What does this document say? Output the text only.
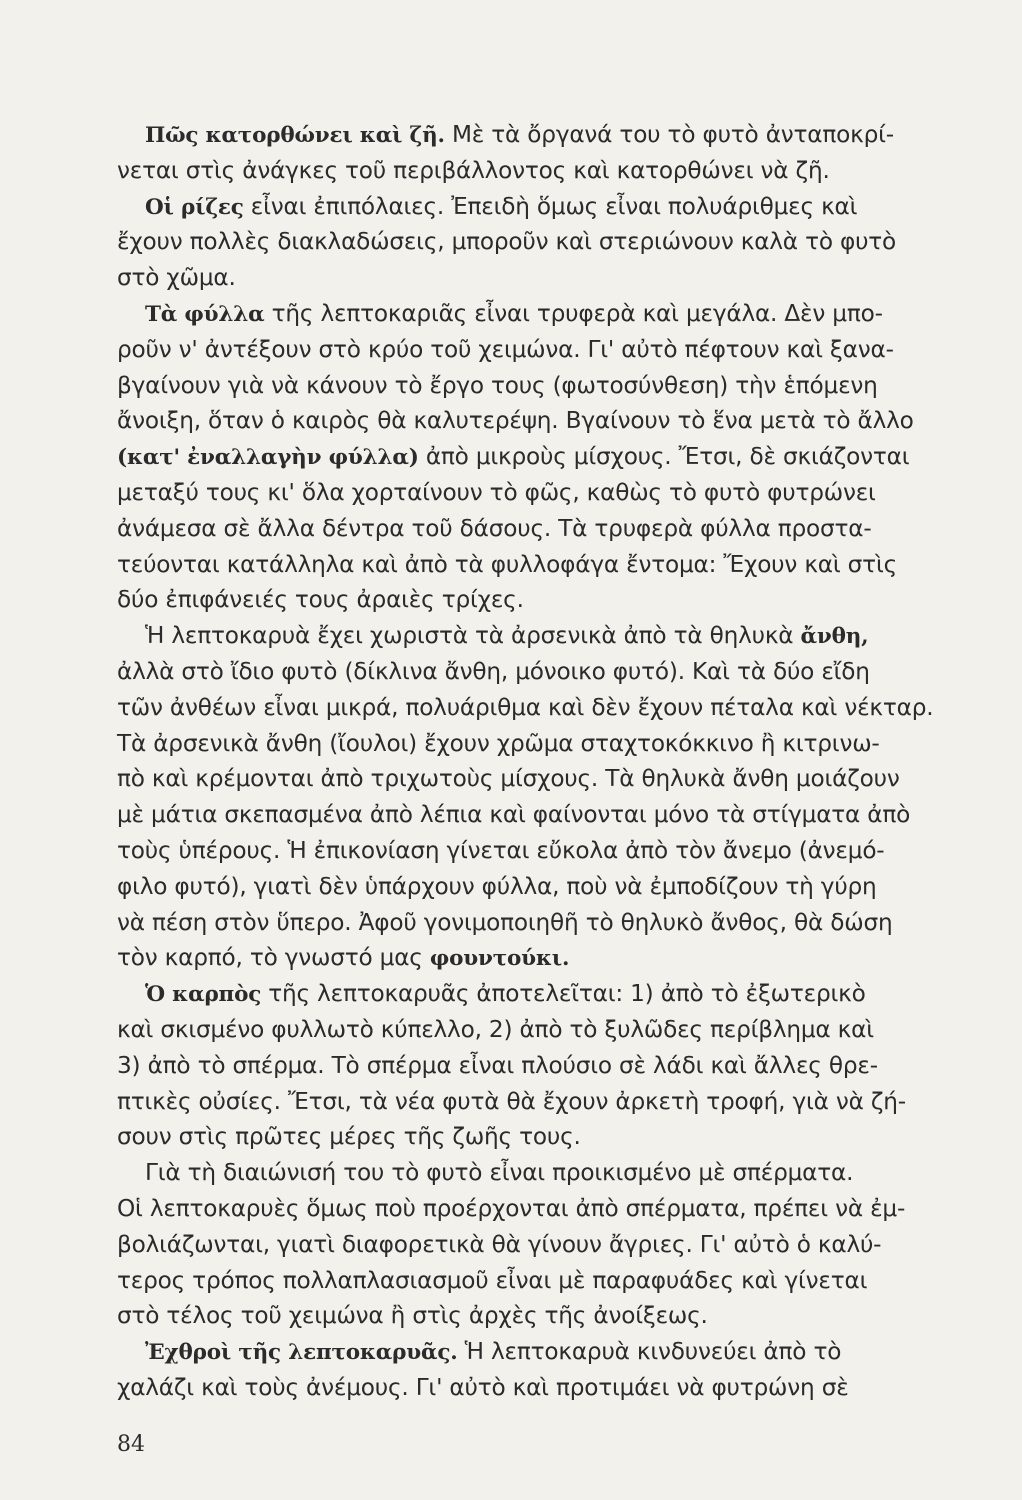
Πῶς κατορθώνει καὶ ζῆ. Μὲ τὰ ὄργανά του τὸ φυτὸ ἀνταποκρί-
νεται στὶς ἀνάγκες τοῦ περιβάλλοντος καὶ κατορθώνει νὰ ζῆ.
Οἱ ρίζες εἶναι ἐπιπόλαιες. Ἐπειδὴ ὅμως εἶναι πολυάριθμες καὶ
ἔχουν πολλὲς διακλαδώσεις, μποροῦν καὶ στεριώνουν καλὰ τὸ φυτὸ
στὸ χῶμα.
Τὰ φύλλα τῆς λεπτοκαριᾶς εἶναι τρυφερὰ καὶ μεγάλα. Δὲν μπο-
ροῦν ν' ἀντέξουν στὸ κρύο τοῦ χειμώνα. Γι' αὐτὸ πέφτουν καὶ ξανα-
βγαίνουν γιὰ νὰ κάνουν τὸ ἔργο τους (φωτοσύνθεση) τὴν ἑπόμενη
ἄνοιξη, ὅταν ὁ καιρὸς θὰ καλυτερέψη. Βγαίνουν τὸ ἕνα μετὰ τὸ ἄλλο
(κατ' ἐναλλαγὴν φύλλα) ἀπὸ μικροὺς μίσχους. Ἔτσι, δὲ σκιάζονται
μεταξύ τους κι' ὅλα χορταίνουν τὸ φῶς, καθὼς τὸ φυτὸ φυτρώνει
ἀνάμεσα σὲ ἄλλα δέντρα τοῦ δάσους. Τὰ τρυφερὰ φύλλα προστα-
τεύονται κατάλληλα καὶ ἀπὸ τὰ φυλλοφάγα ἔντομα: Ἔχουν καὶ στὶς
δύο ἐπιφάνειές τους ἀραιὲς τρίχες.
Ἡ λεπτοκαρυὰ ἔχει χωριστὰ τὰ ἀρσενικὰ ἀπὸ τὰ θηλυκὰ ἄνθη,
ἀλλὰ στὸ ἴδιο φυτὸ (δίκλινα ἄνθη, μόνοικο φυτό). Καὶ τὰ δύο εἴδη
τῶν ἀνθέων εἶναι μικρά, πολυάριθμα καὶ δὲν ἔχουν πέταλα καὶ νέκταρ.
Τὰ ἀρσενικὰ ἄνθη (ἴουλοι) ἔχουν χρῶμα σταχτοκόκκινο ἢ κιτρινω-
πὸ καὶ κρέμονται ἀπὸ τριχωτοὺς μίσχους. Τὰ θηλυκὰ ἄνθη μοιάζουν
μὲ μάτια σκεπασμένα ἀπὸ λέπια καὶ φαίνονται μόνο τὰ στίγματα ἀπὸ
τοὺς ὑπέρους. Ἡ ἐπικονίαση γίνεται εὔκολα ἀπὸ τὸν ἄνεμο (ἀνεμό-
φιλο φυτό), γιατὶ δὲν ὑπάρχουν φύλλα, ποὺ νὰ ἐμποδίζουν τὴ γύρη
νὰ πέση στὸν ὕπερο. Ἀφοῦ γονιμοποιηθῆ τὸ θηλυκὸ ἄνθος, θὰ δώση
τὸν καρπό, τὸ γνωστό μας φουντούκι.
Ὁ καρπὸς τῆς λεπτοκαρυᾶς ἀποτελεῖται: 1) ἀπὸ τὸ ἐξωτερικὸ
καὶ σκισμένο φυλλωτὸ κύπελλο, 2) ἀπὸ τὸ ξυλῶδες περίβλημα καὶ
3) ἀπὸ τὸ σπέρμα. Τὸ σπέρμα εἶναι πλούσιο σὲ λάδι καὶ ἄλλες θρε-
πτικὲς οὐσίες. Ἔτσι, τὰ νέα φυτὰ θὰ ἔχουν ἀρκετὴ τροφή, γιὰ νὰ ζή-
σουν στὶς πρῶτες μέρες τῆς ζωῆς τους.
Γιὰ τὴ διαιώνισή του τὸ φυτὸ εἶναι προικισμένο μὲ σπέρματα.
Οἱ λεπτοκαρυὲς ὅμως ποὺ προέρχονται ἀπὸ σπέρματα, πρέπει νὰ ἐμ-
βολιάζωνται, γιατὶ διαφορετικὰ θὰ γίνουν ἄγριες. Γι' αὐτὸ ὁ καλύ-
τερος τρόπος πολλαπλασιασμοῦ εἶναι μὲ παραφυάδες καὶ γίνεται
στὸ τέλος τοῦ χειμώνα ἢ στὶς ἀρχὲς τῆς ἀνοίξεως.
Ἐχθροὶ τῆς λεπτοκαρυᾶς. Ἡ λεπτοκαρυὰ κινδυνεύει ἀπὸ τὸ
χαλάζι καὶ τοὺς ἀνέμους. Γι' αὐτὸ καὶ προτιμάει νὰ φυτρώνη σὲ
84
